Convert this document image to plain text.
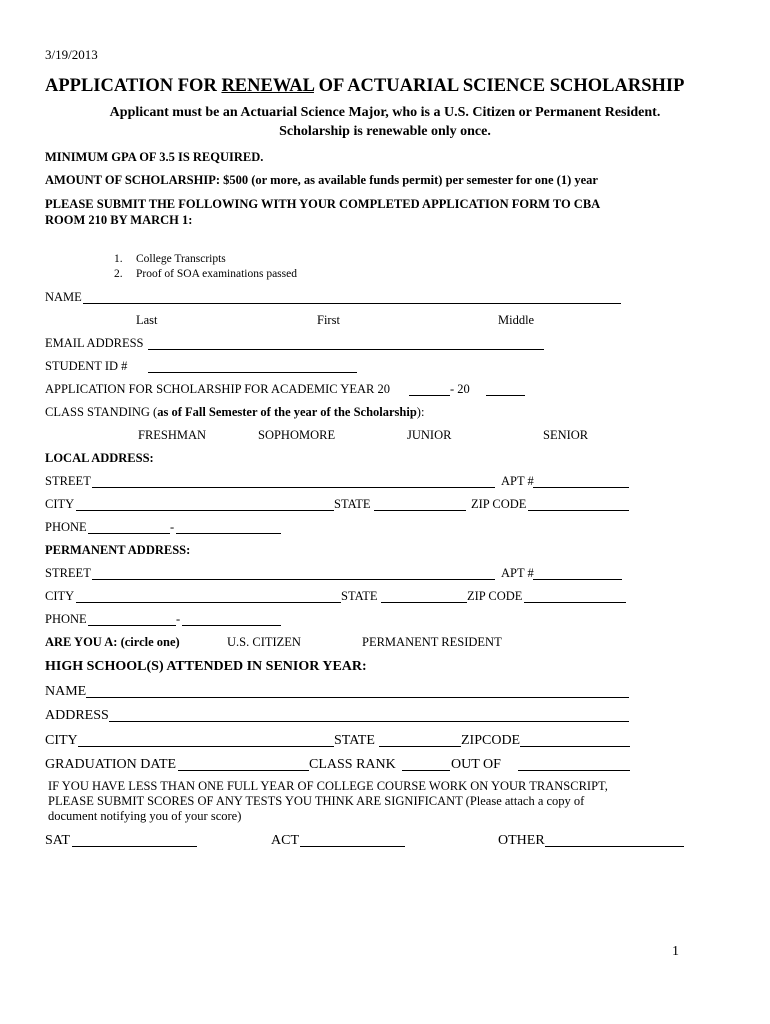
3/19/2013
APPLICATION FOR RENEWAL OF ACTUARIAL SCIENCE SCHOLARSHIP
Applicant must be an Actuarial Science Major, who is a U.S. Citizen or Permanent Resident.
Scholarship is renewable only once.
MINIMUM GPA OF 3.5 IS REQUIRED.
AMOUNT OF SCHOLARSHIP: $500 (or more, as available funds permit) per semester for one (1) year
PLEASE SUBMIT THE FOLLOWING WITH YOUR COMPLETED APPLICATION FORM TO CBA
ROOM 210 BY MARCH 1:
1. College Transcripts
2. Proof of SOA examinations passed
NAME
Last	First	Middle
EMAIL ADDRESS
STUDENT ID #
APPLICATION FOR SCHOLARSHIP FOR ACADEMIC YEAR 20	- 20
CLASS STANDING (as of Fall Semester of the year of the Scholarship):
FRESHMAN	SOPHOMORE	JUNIOR	SENIOR
LOCAL ADDRESS:
STREET	APT #
CITY	STATE	ZIP CODE
PHONE	-
PERMANENT ADDRESS:
STREET	APT #
CITY	STATE	ZIP CODE
PHONE	-
ARE YOU A: (circle one)	U.S. CITIZEN	PERMANENT RESIDENT
HIGH SCHOOL(S) ATTENDED IN SENIOR YEAR:
NAME
ADDRESS
CITY	STATE	ZIPCODE
GRADUATION DATE	CLASS RANK	OUT OF
IF YOU HAVE LESS THAN ONE FULL YEAR OF COLLEGE COURSE WORK ON YOUR TRANSCRIPT,
PLEASE SUBMIT SCORES OF ANY TESTS YOU THINK ARE SIGNIFICANT (Please attach a copy of
document notifying you of your score)
SAT	ACT	OTHER
1
